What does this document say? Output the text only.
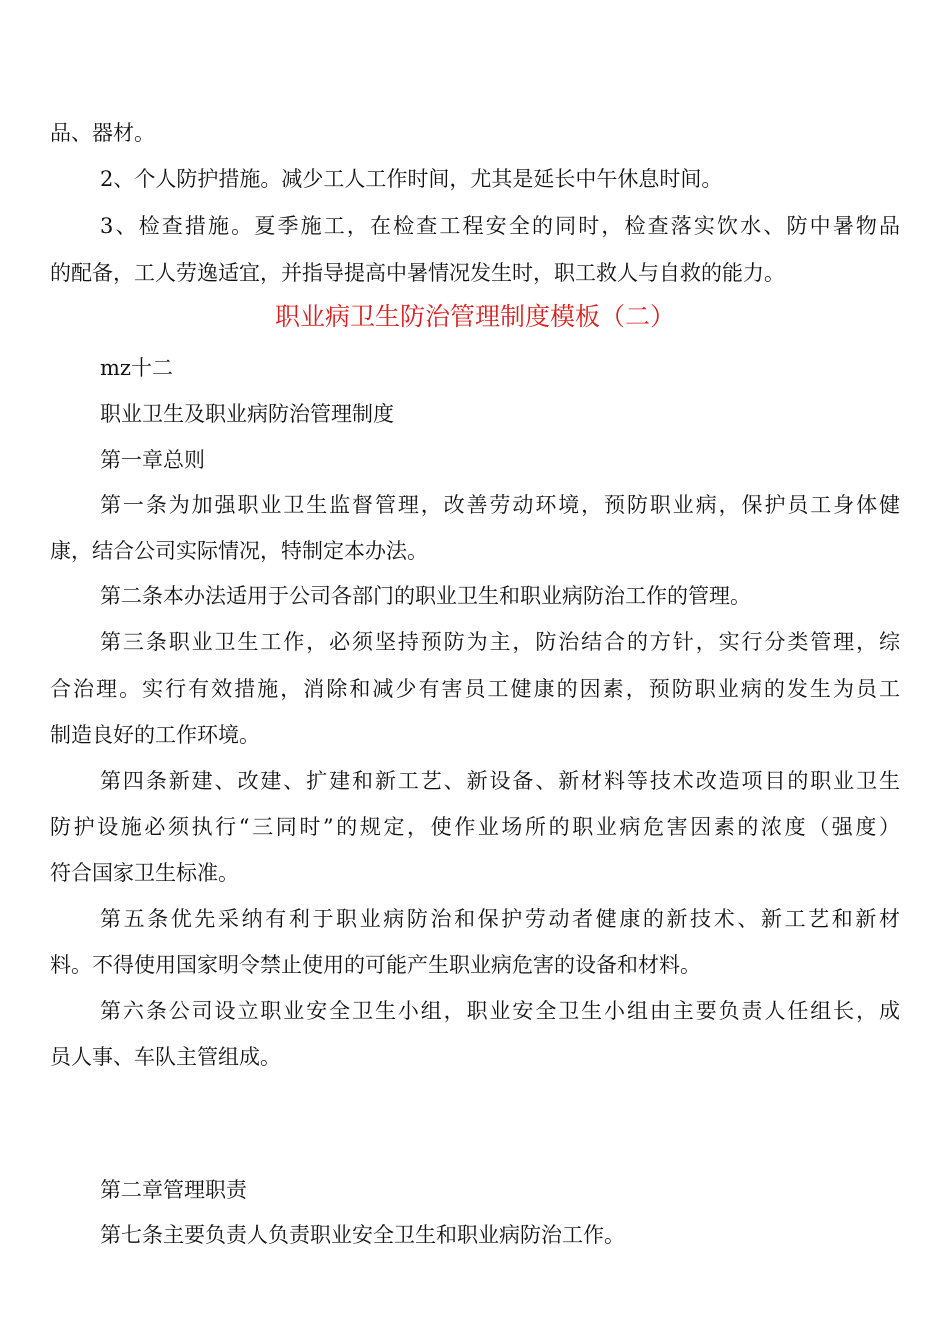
品、器材。
2、个人防护措施。减少工人工作时间，尤其是延长中午休息时间。
3、检查措施。夏季施工，在检查工程安全的同时，检查落实饮水、防中暑物品
的配备，工人劳逸适宜，并指导提高中暑情况发生时，职工救人与自救的能力。
职业病卫生防治管理制度模板（二）
mz十二
职业卫生及职业病防治管理制度
第一章总则
第一条为加强职业卫生监督管理，改善劳动环境，预防职业病，保护员工身体健
康，结合公司实际情况，特制定本办法。
第二条本办法适用于公司各部门的职业卫生和职业病防治工作的管理。
第三条职业卫生工作，必须坚持预防为主，防治结合的方针，实行分类管理，综
合治理。实行有效措施，消除和减少有害员工健康的因素，预防职业病的发生为员工
制造良好的工作环境。
第四条新建、改建、扩建和新工艺、新设备、新材料等技术改造项目的职业卫生
防护设施必须执行“三同时”的规定，使作业场所的职业病危害因素的浓度（强度）
符合国家卫生标准。
第五条优先采纳有利于职业病防治和保护劳动者健康的新技术、新工艺和新材
料。不得使用国家明令禁止使用的可能产生职业病危害的设备和材料。
第六条公司设立职业安全卫生小组，职业安全卫生小组由主要负责人任组长，成
员人事、车队主管组成。
第二章管理职责
第七条主要负责人负责职业安全卫生和职业病防治工作。
